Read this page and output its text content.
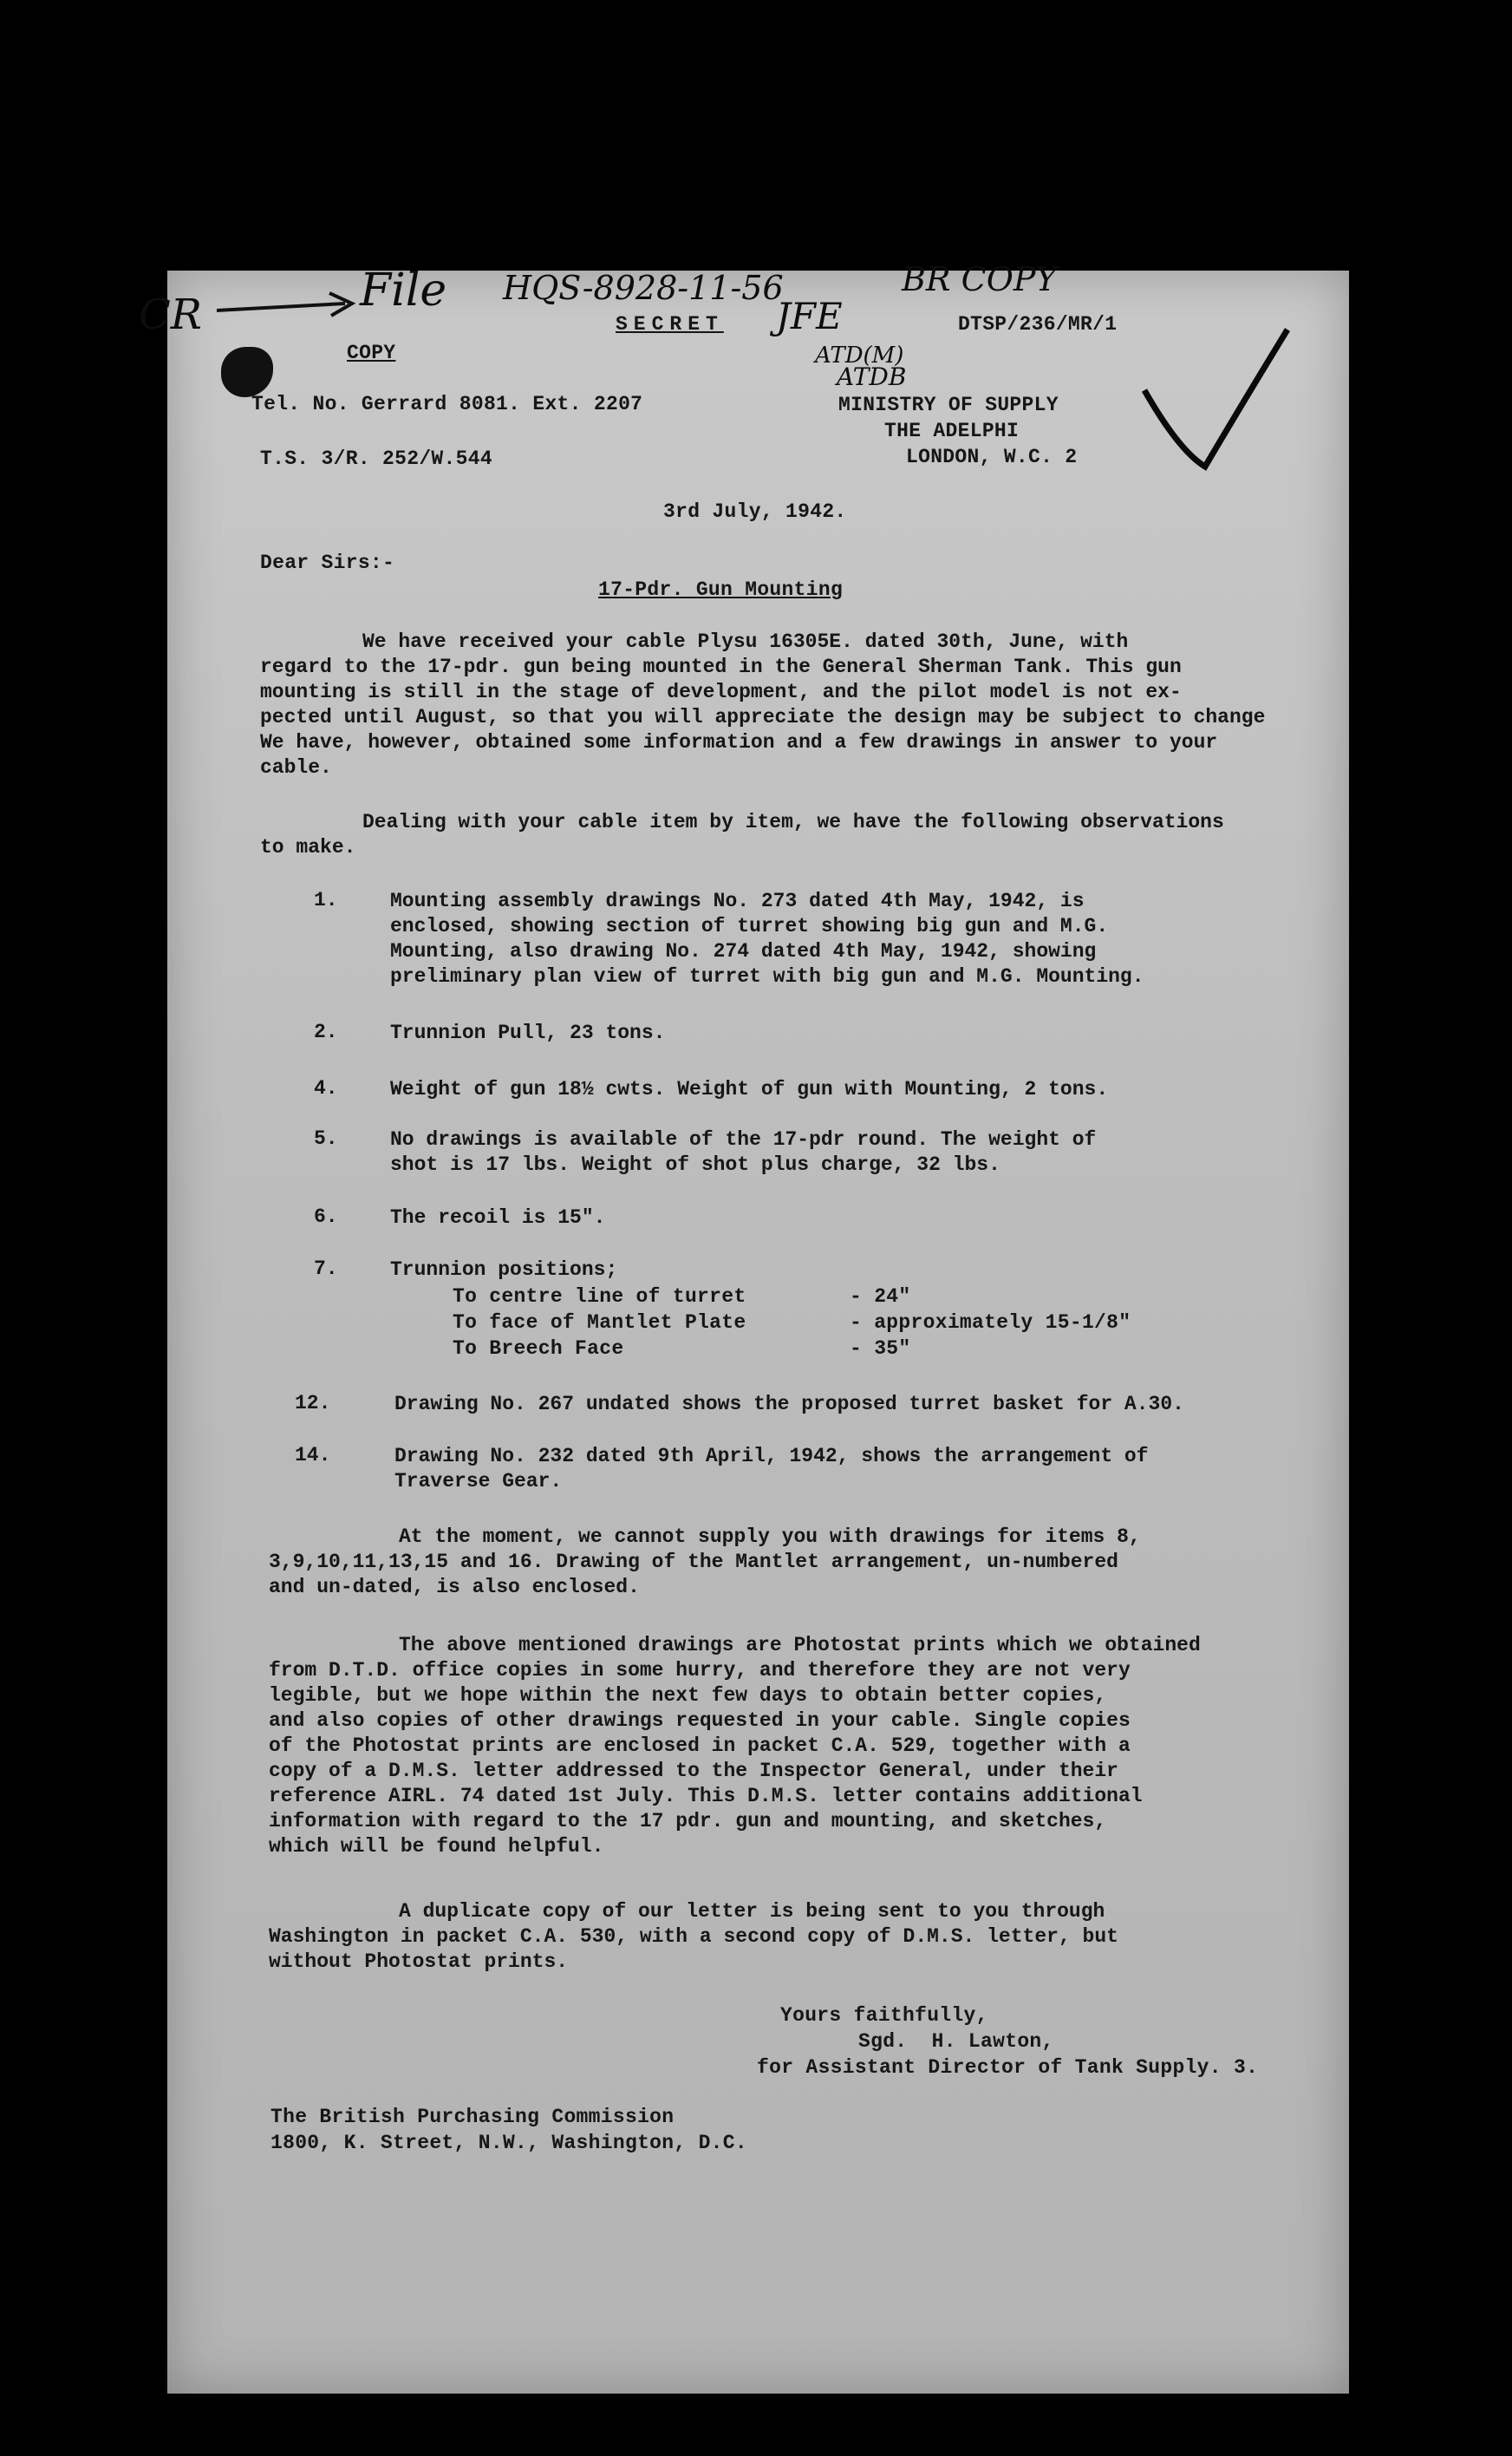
CR	File HQS-8928-11-56
JFE
ATD(M)
ATDB
BR COPY
COPY
SECRET	DTSP/236/MR/1
Tel. No. Gerrard 8081. Ext. 2207
T.S. 3/R. 252/W.544
MINISTRY OF SUPPLY
THE ADELPHI
LONDON, W.C. 2
3rd July, 1942.
Dear Sirs:-
17-Pdr. Gun Mounting

We have received your cable Plysu 16305E. dated 30th, June, with
regard to the 17-pdr. gun being mounted in the General Sherman Tank. This gun
mounting is still in the stage of development, and the pilot model is not ex-
pected until August, so that you will appreciate the design may be subject to change
We have, however, obtained some information and a few drawings in answer to your
cable.

Dealing with your cable item by item, we have the following observations
to make.

1.	Mounting assembly drawings No. 273 dated 4th May, 1942, is
enclosed, showing section of turret showing big gun and M.G.
Mounting, also drawing No. 274 dated 4th May, 1942, showing
preliminary plan view of turret with big gun and M.G. Mounting.
2.	Trunnion Pull, 23 tons.
4.	Weight of gun 18½ cwts. Weight of gun with Mounting, 2 tons.
5.	No drawings is available of the 17-pdr round. The weight of
shot is 17 lbs. Weight of shot plus charge, 32 lbs.
6.	The recoil is 15".
7.	Trunnion positions;
To centre line of turret	- 24"
To face of Mantlet Plate	- approximately 15-1/8"
To Breech Face	- 35"
12.	Drawing No. 267 undated shows the proposed turret basket for A.30.
14.	Drawing No. 232 dated 9th April, 1942, shows the arrangement of
Traverse Gear.

At the moment, we cannot supply you with drawings for items 8,
3,9,10,11,13,15 and 16. Drawing of the Mantlet arrangement, un-numbered
and un-dated, is also enclosed.

The above mentioned drawings are Photostat prints which we obtained
from D.T.D. office copies in some hurry, and therefore they are not very
legible, but we hope within the next few days to obtain better copies,
and also copies of other drawings requested in your cable. Single copies
of the Photostat prints are enclosed in packet C.A. 529, together with a
copy of a D.M.S. letter addressed to the Inspector General, under their
reference AIRL. 74 dated 1st July. This D.M.S. letter contains additional
information with regard to the 17 pdr. gun and mounting, and sketches,
which will be found helpful.

A duplicate copy of our letter is being sent to you through
Washington in packet C.A. 530, with a second copy of D.M.S. letter, but
without Photostat prints.

Yours faithfully,
Sgd.  H. Lawton,
for Assistant Director of Tank Supply. 3.
The British Purchasing Commission
1800, K. Street, N.W., Washington, D.C.
